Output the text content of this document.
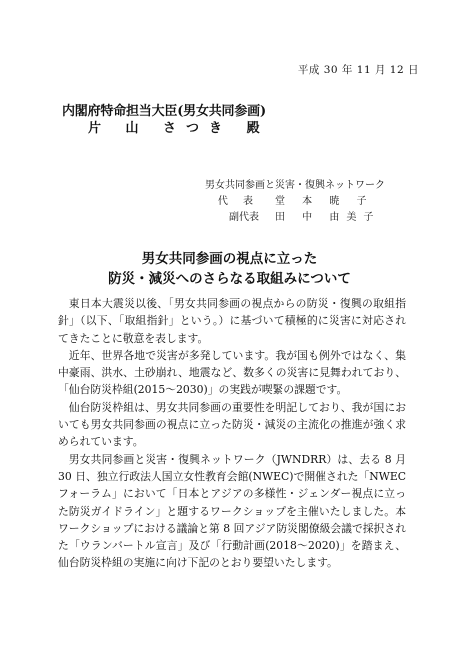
平成 30 年 11 月 12 日
内閣府特命担当大臣(男女共同参画)
片 山 さつき 殿
男女共同参画と災害・復興ネットワーク
代 表 堂 本 暁 子
副代表 田 中 由美子
男女共同参画の視点に立った
防災・減災へのさらなる取組みについて

東日本大震災以後、「男女共同参画の視点からの防災・復興の取組指針」（以下、「取組指針」という。）に基づいて積極的に災害に対応されてきたことに敬意を表します。

近年、世界各地で災害が多発しています。我が国も例外ではなく、集中豪雨、洪水、土砂崩れ、地震など、数多くの災害に見舞われており、「仙台防災枠組(2015～2030)」の実践が喫緊の課題です。

仙台防災枠組は、男女共同参画の重要性を明記しており、我が国においても男女共同参画の視点に立った防災・減災の主流化の推進が強く求められています。

男女共同参画と災害・復興ネットワーク（JWNDRR）は、去る 8 月 30 日、独立行政法人国立女性教育会館(NWEC)で開催された「NWEC フォーラム」において「日本とアジアの多様性・ジェンダー視点に立った防災ガイドライン」と題するワークショップを主催いたしました。本ワークショップにおける議論と第 8 回アジア防災閣僚級会議で採択された「ウランバートル宣言」及び「行動計画(2018～2020)」を踏まえ、仙台防災枠組の実施に向け下記のとおり要望いたします。
